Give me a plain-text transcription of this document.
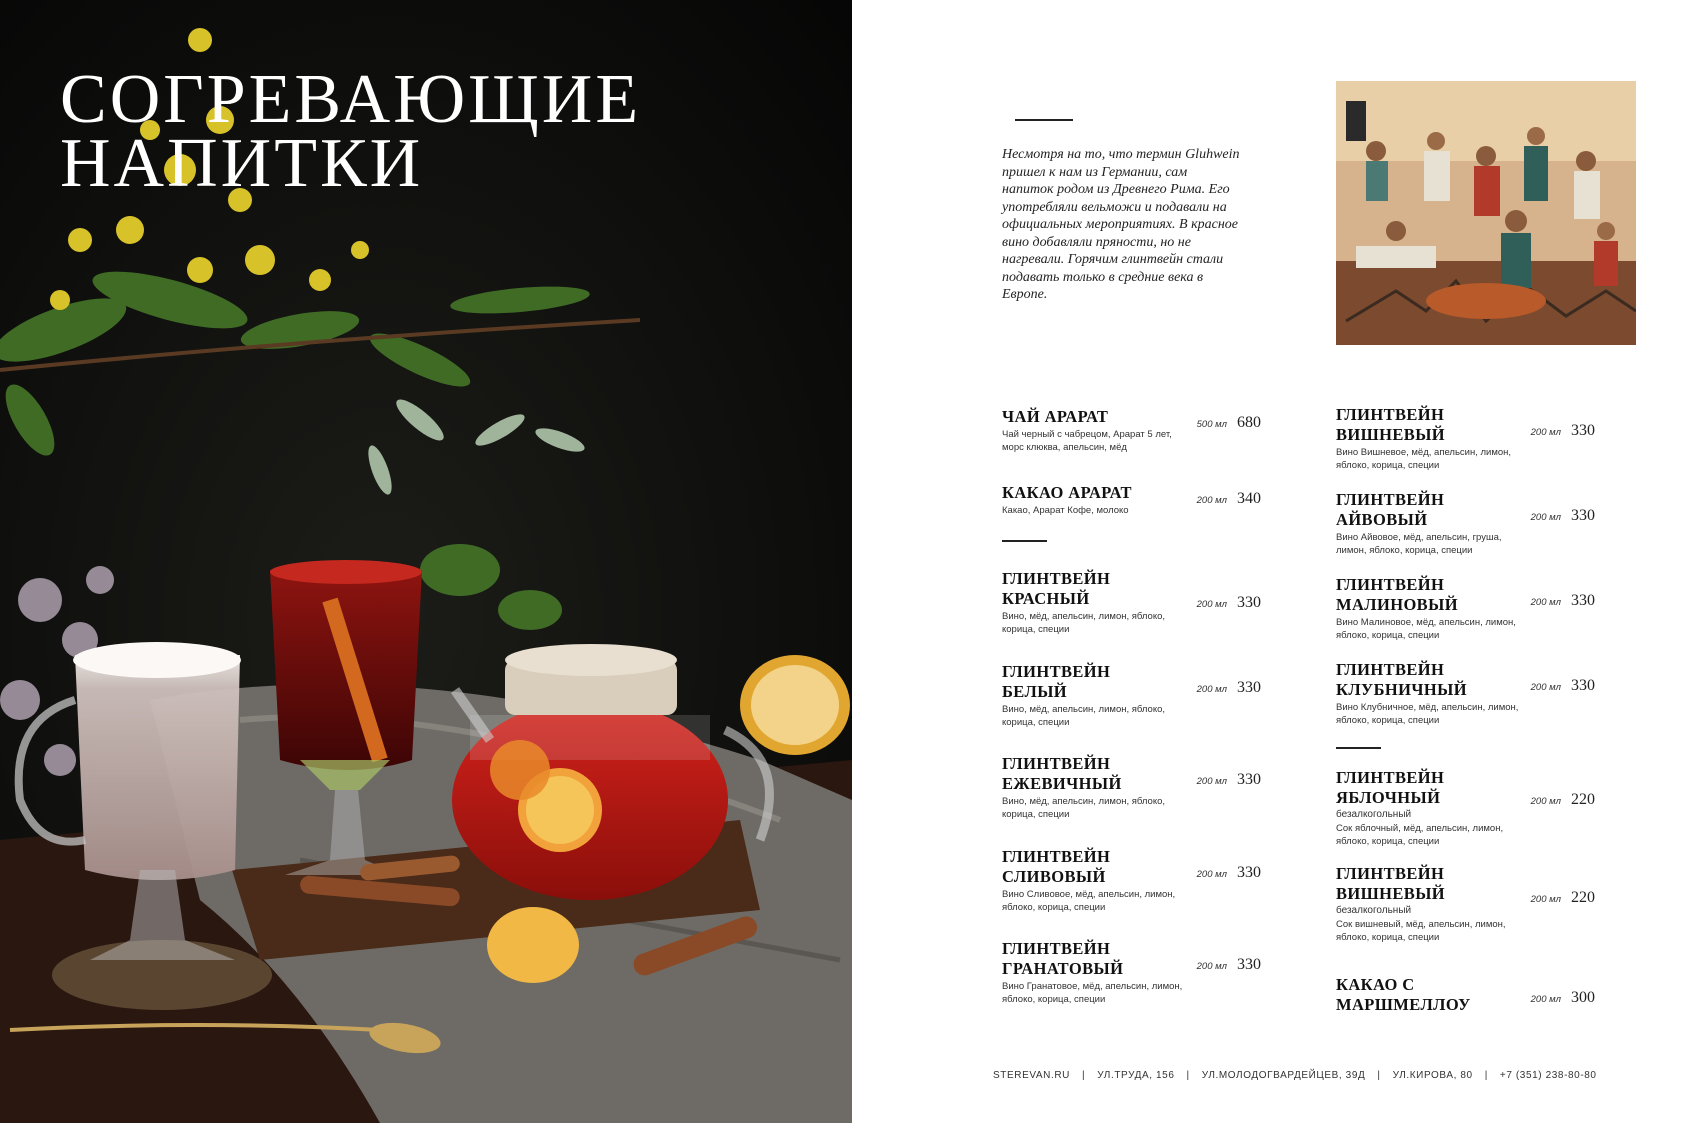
СОГРЕВАЮЩИЕ
НАПИТКИ	Несмотря на то, что термин Gluhwein пришел к нам из Германии, сам напиток родом из Древнего Рима. Его употребляли вельможи и подавали на официальных мероприятиях. В красное вино добавляли пряности, но не нагревали. Горячим глинтвейн стали подавать только в средние века в Европе.

ЧАЙ АРАРАТ
Чай черный с чабрецом, Арарат 5 лет, морс клюква, апельсин, мёд
500 мл 680
КАКАО АРАРАТ
Какао, Арарат Кофе, молоко
200 мл 340
ГЛИНТВЕЙН КРАСНЫЙ
Вино, мёд, апельсин, лимон, яблоко, корица, специи
200 мл 330
ГЛИНТВЕЙН БЕЛЫЙ
Вино, мёд, апельсин, лимон, яблоко, корица, специи
200 мл 330
ГЛИНТВЕЙН ЕЖЕВИЧНЫЙ
Вино, мёд, апельсин, лимон, яблоко, корица, специи
200 мл 330
ГЛИНТВЕЙН СЛИВОВЫЙ
Вино Сливовое, мёд, апельсин, лимон, яблоко, корица, специи
200 мл 330
ГЛИНТВЕЙН ГРАНАТОВЫЙ
Вино Гранатовое, мёд, апельсин, лимон, яблоко, корица, специи
200 мл 330
ГЛИНТВЕЙН ВИШНЕВЫЙ
Вино Вишневое, мёд, апельсин, лимон, яблоко, корица, специи
200 мл 330
ГЛИНТВЕЙН АЙВОВЫЙ
Вино Айвовое, мёд, апельсин, груша, лимон, яблоко, корица, специи
200 мл 330
ГЛИНТВЕЙН МАЛИНОВЫЙ
Вино Малиновое, мёд, апельсин, лимон, яблоко, корица, специи
200 мл 330
ГЛИНТВЕЙН КЛУБНИЧНЫЙ
Вино Клубничное, мёд, апельсин, лимон, яблоко, корица, специи
200 мл 330
ГЛИНТВЕЙН ЯБЛОЧНЫЙ
безалкогольный
Сок яблочный, мёд, апельсин, лимон, яблоко, корица, специи
200 мл 220
ГЛИНТВЕЙН ВИШНЕВЫЙ
безалкогольный
Сок вишневый, мёд, апельсин, лимон, яблоко, корица, специи
200 мл 220
КАКАО С МАРШМЕЛЛОУ	200 мл 300
STEREVAN.RU | УЛ.ТРУДА, 156 | УЛ.МОЛОДОГВАРДЕЙЦЕВ, 39Д | УЛ.КИРОВА, 80 | +7 (351) 238-80-80
